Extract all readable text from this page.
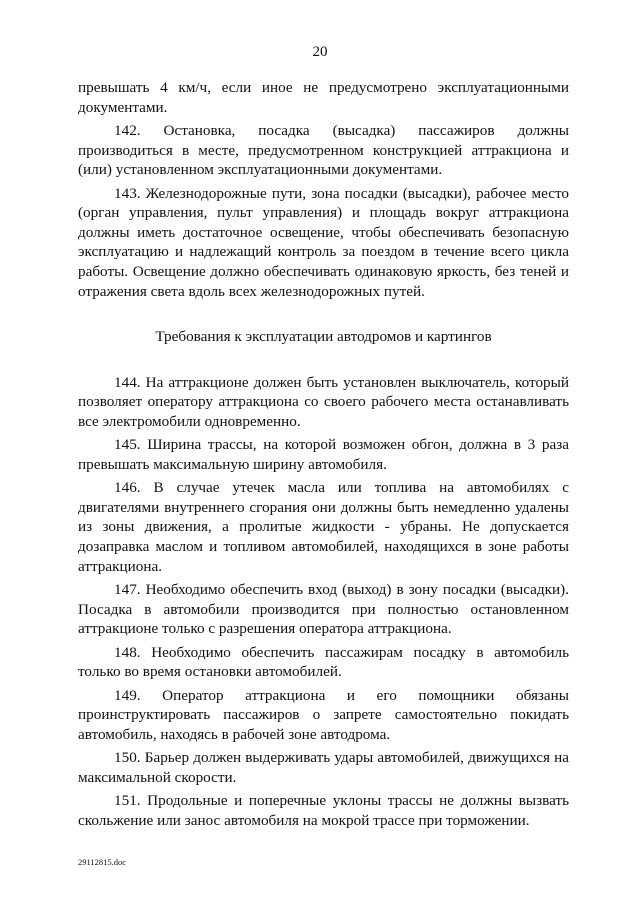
20

превышать 4 км/ч, если иное не предусмотрено эксплуатационными документами.

142. Остановка, посадка (высадка) пассажиров должны производиться в месте, предусмотренном конструкцией аттракциона и (или) установленном эксплуатационными документами.

143. Железнодорожные пути, зона посадки (высадки), рабочее место (орган управления, пульт управления) и площадь вокруг аттракциона должны иметь достаточное освещение, чтобы обеспечивать безопасную эксплуатацию и надлежащий контроль за поездом в течение всего цикла работы. Освещение должно обеспечивать одинаковую яркость, без теней и отражения света вдоль всех железнодорожных путей.

Требования к эксплуатации автодромов и картингов

144. На аттракционе должен быть установлен выключатель, который позволяет оператору аттракциона со своего рабочего места останавливать все электромобили одновременно.

145. Ширина трассы, на которой возможен обгон, должна в 3 раза превышать максимальную ширину автомобиля.

146. В случае утечек масла или топлива на автомобилях с двигателями внутреннего сгорания они должны быть немедленно удалены из зоны движения, а пролитые жидкости - убраны. Не допускается дозаправка маслом и топливом автомобилей, находящихся в зоне работы аттракциона.

147. Необходимо обеспечить вход (выход) в зону посадки (высадки). Посадка в автомобили производится при полностью остановленном аттракционе только с разрешения оператора аттракциона.

148. Необходимо обеспечить пассажирам посадку в автомобиль только во время остановки автомобилей.

149. Оператор аттракциона и его помощники обязаны проинструктировать пассажиров о запрете самостоятельно покидать автомобиль, находясь в рабочей зоне автодрома.

150. Барьер должен выдерживать удары автомобилей, движущихся на максимальной скорости.

151. Продольные и поперечные уклоны трассы не должны вызвать скольжение или занос автомобиля на мокрой трассе при торможении.

29112815.doc
